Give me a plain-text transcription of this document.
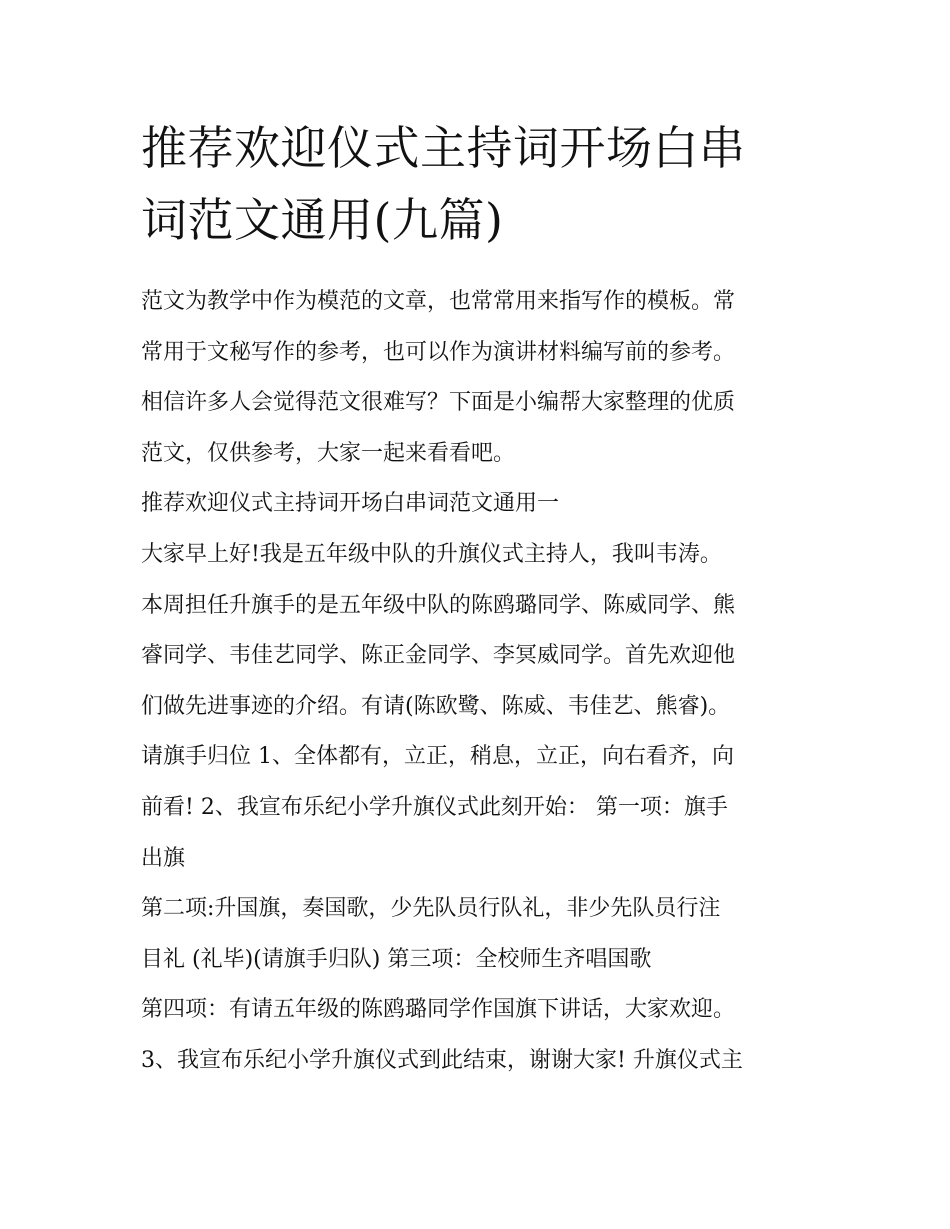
推荐欢迎仪式主持词开场白串
词范文通用(九篇)
范文为教学中作为模范的文章，也常常用来指写作的模板。常
常用于文秘写作的参考，也可以作为演讲材料编写前的参考。
相信许多人会觉得范文很难写？下面是小编帮大家整理的优质
范文，仅供参考，大家一起来看看吧。
推荐欢迎仪式主持词开场白串词范文通用一
大家早上好!我是五年级中队的升旗仪式主持人，我叫韦涛。
本周担任升旗手的是五年级中队的陈鸥璐同学、陈威同学、熊
睿同学、韦佳艺同学、陈正金同学、李冥威同学。首先欢迎他
们做先进事迹的介绍。有请(陈欧鹭、陈威、韦佳艺、熊睿)。
请旗手归位 1、全体都有，立正，稍息，立正，向右看齐，向
前看! 2、我宣布乐纪小学升旗仪式此刻开始： 第一项：旗手
出旗
第二项:升国旗，奏国歌，少先队员行队礼，非少先队员行注
目礼 (礼毕)(请旗手归队) 第三项：全校师生齐唱国歌
第四项：有请五年级的陈鸥璐同学作国旗下讲话，大家欢迎。
3、我宣布乐纪小学升旗仪式到此结束，谢谢大家! 升旗仪式主
